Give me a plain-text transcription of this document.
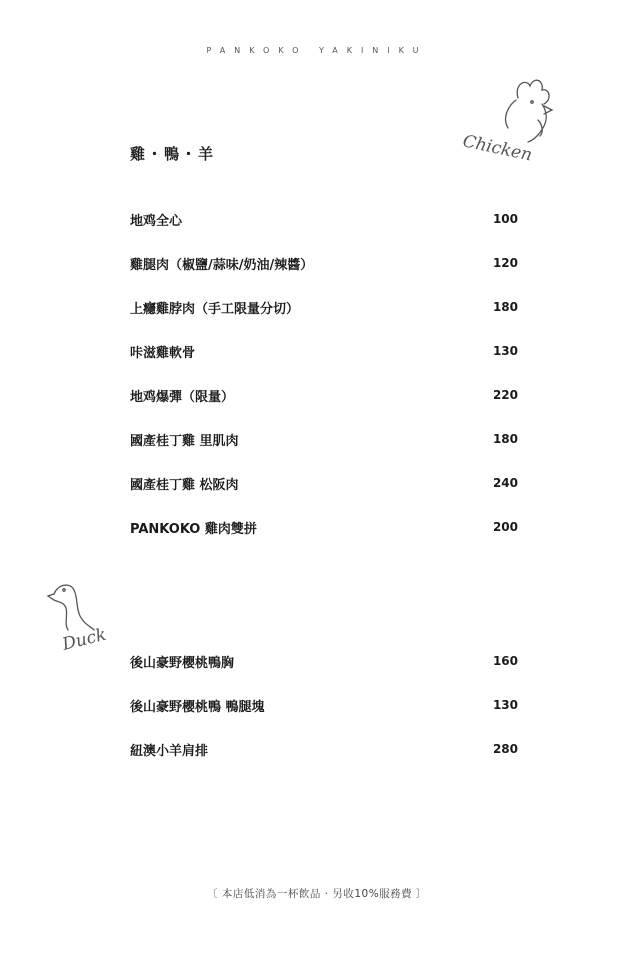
PANKOKO YAKINIKU
Chicken
雞・鴨・羊
地鸡全心	100
雞腿肉（椒鹽/蒜味/奶油/辣醬）	120
上癮雞脖肉（手工限量分切）	180
咔滋雞軟骨	130
地鸡爆彈（限量）	220
國產桂丁雞 里肌肉	180
國產桂丁雞 松阪肉	240
PANKOKO 雞肉雙拼	200
Duck
後山豪野櫻桃鴨胸	160
後山豪野櫻桃鴨 鴨腿塊	130
紐澳小羊肩排	280
〔 本店低消為一杯飲品 · 另收10%服務費 〕
